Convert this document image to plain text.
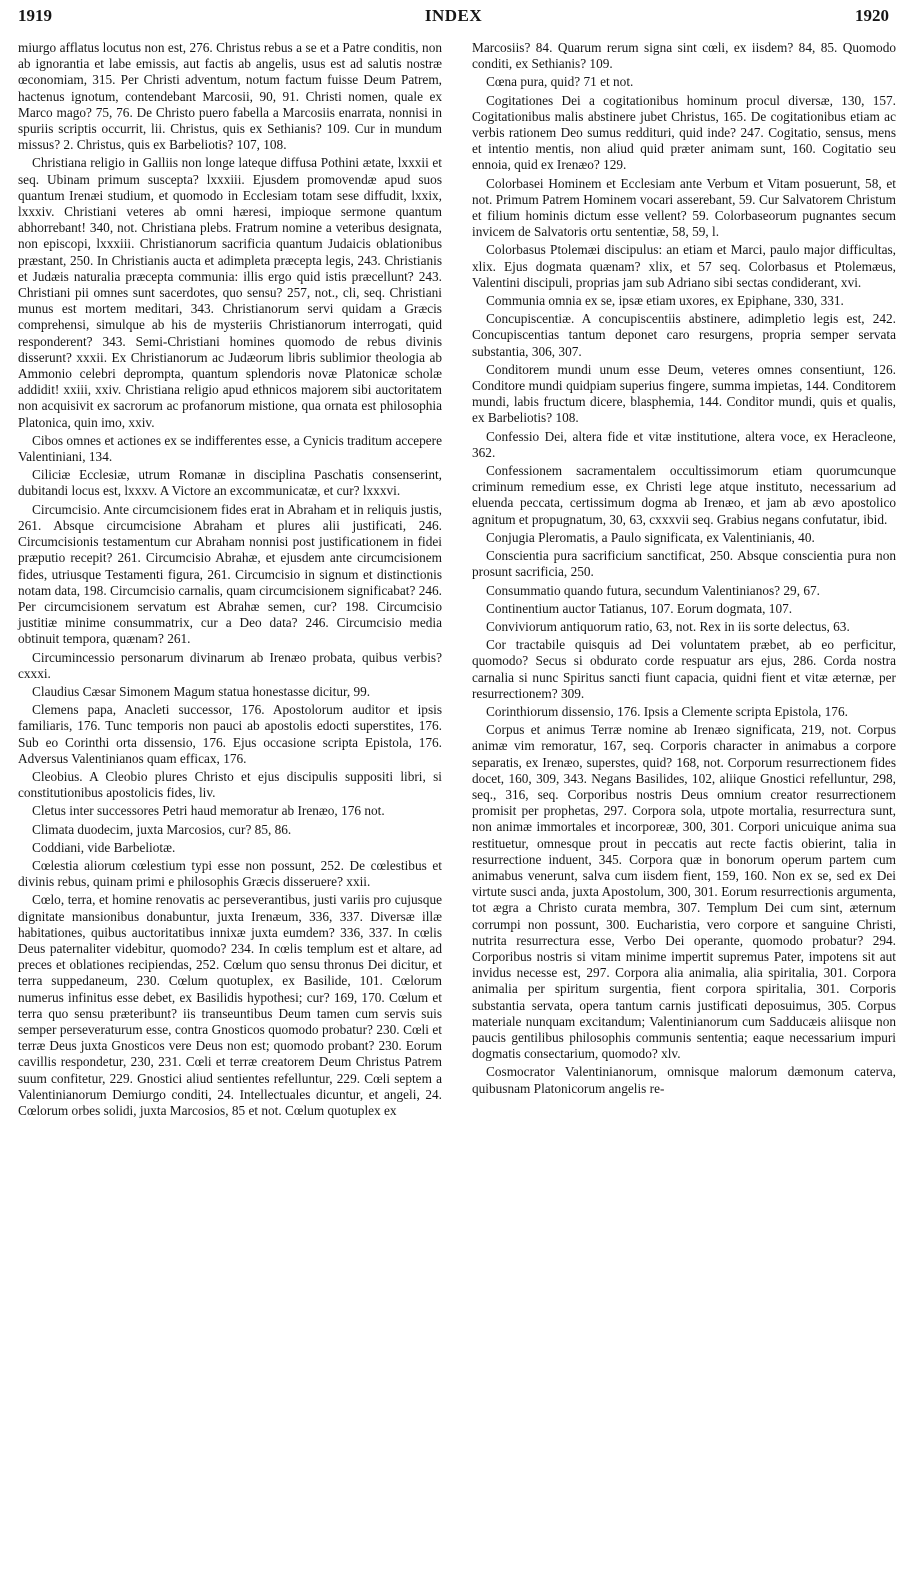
1919	INDEX	1920

miurgo afflatus locutus non est, 276. Christus rebus a se et a Patre conditis, non ab ignorantia et labe emissis, aut factis ab angelis, usus est ad salutis nostræ œconomiam, 315. Per Christi adventum, notum factum fuisse Deum Patrem, hactenus ignotum, contendebant Marcosii, 90, 91. Christi nomen, quale ex Marco mago? 75, 76. De Christo puero fabella a Marcosiis enarrata, nonnisi in spuriis scriptis occurrit, lii. Christus, quis ex Sethianis? 109. Cur in mundum missus? 2. Christus, quis ex Barbeliotis? 107, 108.

Christiana religio in Galliis non longe lateque diffusa Pothini ætate, lxxxii et seq. Ubinam primum suscepta? lxxxiii. Ejusdem promovendæ apud suos quantum Irenæi studium, et quomodo in Ecclesiam totam sese diffudit, lxxix, lxxxiv. Christiani veteres ab omni hæresi, impioque sermone quantum abhorrebant! 340, not. Christiana plebs. Fratrum nomine a veteribus designata, non episcopi, lxxxiii. Christianorum sacrificia quantum Judaicis oblationibus præstant, 250. In Christianis aucta et adimpleta præcepta legis, 243. Christianis et Judæis naturalia præcepta communia: illis ergo quid istis præcellunt? 243. Christiani pii omnes sunt sacerdotes, quo sensu? 257, not., cli, seq. Christiani munus est mortem meditari, 343. Christianorum servi quidam a Græcis comprehensi, simulque ab his de mysteriis Christianorum interrogati, quid responderent? 343. Semi-Christiani homines quomodo de rebus divinis disserunt? xxxii. Ex Christianorum ac Judæorum libris sublimior theologia ab Ammonio celebri deprompta, quantum splendoris novæ Platonicæ scholæ addidit! xxiii, xxiv. Christiana religio apud ethnicos majorem sibi auctoritatem non acquisivit ex sacrorum ac profanorum mistione, qua ornata est philosophia Platonica, quin imo, xxiv.

Cibos omnes et actiones ex se indifferentes esse, a Cynicis traditum accepere Valentiniani, 134.

Ciliciæ Ecclesiæ, utrum Romanæ in disciplina Paschatis consenserint, dubitandi locus est, lxxxv. A Victore an excommunicatæ, et cur? lxxxvi.

Circumcisio. Ante circumcisionem fides erat in Abraham et in reliquis justis, 261. Absque circumcisione Abraham et plures alii justificati, 246. Circumcisionis testamentum cur Abraham nonnisi post justificationem in fidei præputio recepit? 261. Circumcisio Abrahæ, et ejusdem ante circumcisionem fides, utriusque Testamenti figura, 261. Circumcisio in signum et distinctionis notam data, 198. Circumcisio carnalis, quam circumcisionem significabat? 246. Per circumcisionem servatum est Abrahæ semen, cur? 198. Circumcisio justitiæ minime consummatrix, cur a Deo data? 246. Circumcisio media obtinuit tempora, quænam? 261.

Circumincessio personarum divinarum ab Irenæo probata, quibus verbis? cxxxi.

Claudius Cæsar Simonem Magum statua honestasse dicitur, 99.

Clemens papa, Anacleti successor, 176. Apostolorum auditor et ipsis familiaris, 176. Tunc temporis non pauci ab apostolis edocti superstites, 176. Sub eo Corinthi orta dissensio, 176. Ejus occasione scripta Epistola, 176. Adversus Valentinianos quam efficax, 176.

Cleobius. A Cleobio plures Christo et ejus discipulis suppositi libri, si constitutionibus apostolicis fides, liv.

Cletus inter successores Petri haud memoratur ab Irenæo, 176 not.

Climata duodecim, juxta Marcosios, cur? 85, 86.

Coddiani, vide Barbeliotæ.

Cœlestia aliorum cœlestium typi esse non possunt, 252. De cœlestibus et divinis rebus, quinam primi e philosophis Græcis disseruere? xxii.

Cœlo, terra, et homine renovatis ac perseverantibus, justi variis pro cujusque dignitate mansionibus donabuntur, juxta Irenæum, 336, 337. Diversæ illæ habitationes, quibus auctoritatibus innixæ juxta eumdem? 336, 337. In cœlis Deus paternaliter videbitur, quomodo? 234. In cœlis templum est et altare, ad preces et oblationes recipiendas, 252. Cœlum quo sensu thronus Dei dicitur, et terra suppedaneum, 230. Cœlum quotuplex, ex Basilide, 101. Cœlorum numerus infinitus esse debet, ex Basilidis hypothesi; cur? 169, 170. Cœlum et terra quo sensu præteribunt? iis transeuntibus Deum tamen cum servis suis semper perseveraturum esse, contra Gnosticos quomodo probatur? 230. Cœli et terræ Deus juxta Gnosticos vere Deus non est; quomodo probant? 230. Eorum cavillis respondetur, 230, 231. Cœli et terræ creatorem Deum Christus Patrem suum confitetur, 229. Gnostici aliud sentientes refelluntur, 229. Cœli septem a Valentinianorum Demiurgo conditi, 24. Intellectuales dicuntur, et angeli, 24. Cœlorum orbes solidi, juxta Marcosios, 85 et not. Cœlum quotuplex ex

Marcosiis? 84. Quarum rerum signa sint cœli, ex iisdem? 84, 85. Quomodo conditi, ex Sethianis? 109.

Cœna pura, quid? 71 et not.

Cogitationes Dei a cogitationibus hominum procul diversæ, 130, 157. Cogitationibus malis abstinere jubet Christus, 165. De cogitationibus etiam ac verbis rationem Deo sumus reddituri, quid inde? 247. Cogitatio, sensus, mens et intentio mentis, non aliud quid præter animam sunt, 160. Cogitatio seu ennoia, quid ex Irenæo? 129.

Colorbasei Hominem et Ecclesiam ante Verbum et Vitam posuerunt, 58, et not. Primum Patrem Hominem vocari asserebant, 59. Cur Salvatorem Christum et filium hominis dictum esse vellent? 59. Colorbaseorum pugnantes secum invicem de Salvatoris ortu sententiæ, 58, 59, l.

Colorbasus Ptolemæi discipulus: an etiam et Marci, paulo major difficultas, xlix. Ejus dogmata quænam? xlix, et 57 seq. Colorbasus et Ptolemæus, Valentini discipuli, proprias jam sub Adriano sibi sectas condiderant, xvi.

Communia omnia ex se, ipsæ etiam uxores, ex Epiphane, 330, 331.

Concupiscentiæ. A concupiscentiis abstinere, adimpletio legis est, 242. Concupiscentias tantum deponet caro resurgens, propria semper servata substantia, 306, 307.

Conditorem mundi unum esse Deum, veteres omnes consentiunt, 126. Conditore mundi quidpiam superius fingere, summa impietas, 144. Conditorem mundi, labis fructum dicere, blasphemia, 144. Conditor mundi, quis et qualis, ex Barbeliotis? 108.

Confessio Dei, altera fide et vitæ institutione, altera voce, ex Heracleone, 362.

Confessionem sacramentalem occultissimorum etiam quorumcunque criminum remedium esse, ex Christi lege atque instituto, necessarium ad eluenda peccata, certissimum dogma ab Irenæo, et jam ab ævo apostolico agnitum et propugnatum, 30, 63, cxxxvii seq. Grabius negans confutatur, ibid.

Conjugia Pleromatis, a Paulo significata, ex Valentinianis, 40.

Conscientia pura sacrificium sanctificat, 250. Absque conscientia pura non prosunt sacrificia, 250.

Consummatio quando futura, secundum Valentinianos? 29, 67.

Continentium auctor Tatianus, 107. Eorum dogmata, 107.

Conviviorum antiquorum ratio, 63, not. Rex in iis sorte delectus, 63.

Cor tractabile quisquis ad Dei voluntatem præbet, ab eo perficitur, quomodo? Secus si obdurato corde respuatur ars ejus, 286. Corda nostra carnalia si nunc Spiritus sancti fiunt capacia, quidni fient et vitæ æternæ, per resurrectionem? 309.

Corinthiorum dissensio, 176. Ipsis a Clemente scripta Epistola, 176.

Corpus et animus Terræ nomine ab Irenæo significata, 219, not. Corpus animæ vim remoratur, 167, seq. Corporis character in animabus a corpore separatis, ex Irenæo, superstes, quid? 168, not. Corporum resurrectionem fides docet, 160, 309, 343. Negans Basilides, 102, aliique Gnostici refelluntur, 298, seq., 316, seq. Corporibus nostris Deus omnium creator resurrectionem promisit per prophetas, 297. Corpora sola, utpote mortalia, resurrectura sunt, non animæ immortales et incorporeæ, 300, 301. Corpori unicuique anima sua restituetur, omnesque prout in peccatis aut recte factis obierint, talia in resurrectione induent, 345. Corpora quæ in bonorum operum partem cum animabus venerunt, salva cum iisdem fient, 159, 160. Non ex se, sed ex Dei virtute susci anda, juxta Apostolum, 300, 301. Eorum resurrectionis argumenta, tot ægra a Christo curata membra, 307. Templum Dei cum sint, æternum corrumpi non possunt, 300. Eucharistia, vero corpore et sanguine Christi, nutrita resurrectura esse, Verbo Dei operante, quomodo probatur? 294. Corporibus nostris si vitam minime impertit supremus Pater, impotens sit aut invidus necesse est, 297. Corpora alia animalia, alia spiritalia, 301. Corpora animalia per spiritum surgentia, fient corpora spiritalia, 301. Corporis substantia servata, opera tantum carnis justificati deposuimus, 305. Corpus materiale nunquam excitandum; Valentinianorum cum Sadducæis aliisque non paucis gentilibus philosophis communis sententia; eaque necessarium impuri dogmatis consectarium, quomodo? xlv.

Cosmocrator Valentinianorum, omnisque malorum dæmonum caterva, quibusnam Platonicorum angelis re-
